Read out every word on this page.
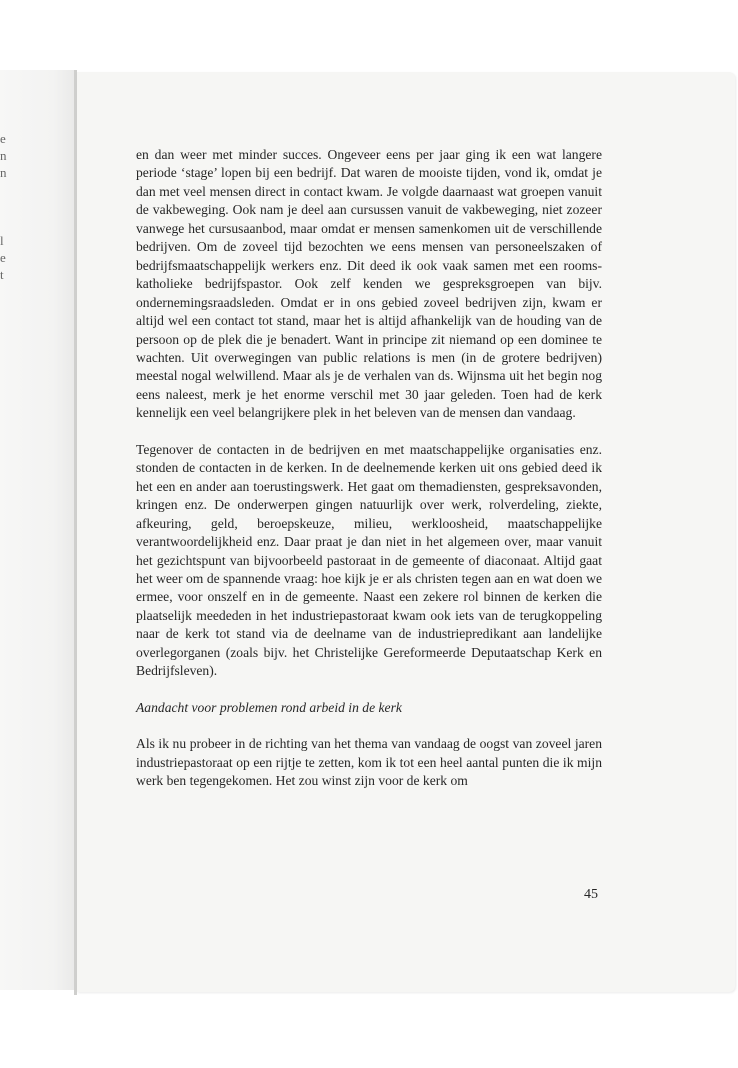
e
n
n

l
e
t

en dan weer met minder succes. Ongeveer eens per jaar ging ik een wat langere periode ‘stage’ lopen bij een bedrijf. Dat waren de mooiste tijden, vond ik, omdat je dan met veel mensen direct in contact kwam. Je volgde daarnaast wat groepen vanuit de vakbeweging. Ook nam je deel aan cursussen vanuit de vakbeweging, niet zozeer vanwege het cursusaanbod, maar omdat er mensen samenkomen uit de verschillende bedrijven. Om de zoveel tijd bezochten we eens mensen van personeelszaken of bedrijfsmaatschappelijk werkers enz. Dit deed ik ook vaak samen met een rooms-katholieke bedrijfspastor. Ook zelf kenden we gespreksgroepen van bijv. ondernemingsraadsleden. Omdat er in ons gebied zoveel bedrijven zijn, kwam er altijd wel een contact tot stand, maar het is altijd afhankelijk van de houding van de persoon op de plek die je benadert. Want in principe zit niemand op een dominee te wachten. Uit overwegingen van public relations is men (in de grotere bedrijven) meestal nogal welwillend. Maar als je de verhalen van ds. Wijnsma uit het begin nog eens naleest, merk je het enorme verschil met 30 jaar geleden. Toen had de kerk kennelijk een veel belangrijkere plek in het beleven van de mensen dan vandaag.

Tegenover de contacten in de bedrijven en met maatschappelijke organisaties enz. stonden de contacten in de kerken. In de deelnemende kerken uit ons gebied deed ik het een en ander aan toerustingswerk. Het gaat om themadiensten, gespreksavonden, kringen enz. De onderwerpen gingen natuurlijk over werk, rolverdeling, ziekte, afkeuring, geld, beroepskeuze, milieu, werkloosheid, maatschappelijke verantwoordelijkheid enz. Daar praat je dan niet in het algemeen over, maar vanuit het gezichtspunt van bijvoorbeeld pastoraat in de gemeente of diaconaat. Altijd gaat het weer om de spannende vraag: hoe kijk je er als christen tegen aan en wat doen we ermee, voor onszelf en in de gemeente. Naast een zekere rol binnen de kerken die plaatselijk meededen in het industriepastoraat kwam ook iets van de terugkoppeling naar de kerk tot stand via de deelname van de industriepredikant aan landelijke overlegorganen (zoals bijv. het Christelijke Gereformeerde Deputaatschap Kerk en Bedrijfsleven).

Aandacht voor problemen rond arbeid in de kerk

Als ik nu probeer in de richting van het thema van vandaag de oogst van zoveel jaren industriepastoraat op een rijtje te zetten, kom ik tot een heel aantal punten die ik mijn werk ben tegengekomen. Het zou winst zijn voor de kerk om

45
